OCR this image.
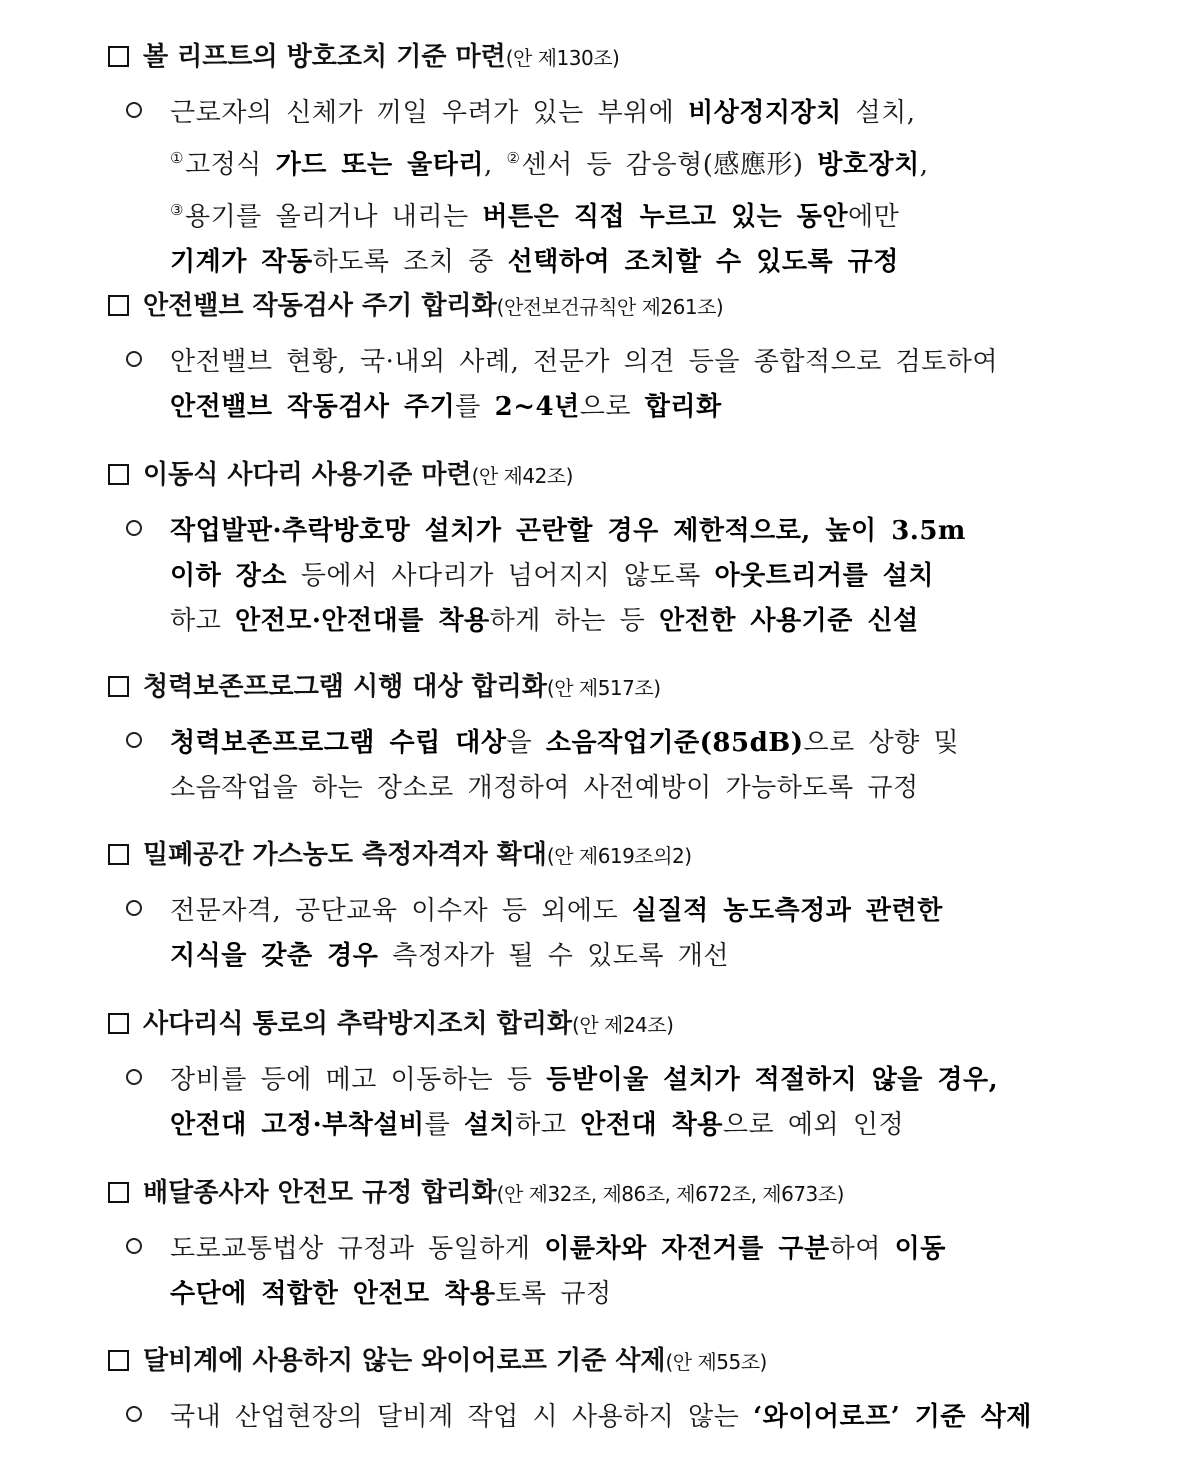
볼 리프트의 방호조치 기준 마련(안 제130조)
근로자의 신체가 끼일 우려가 있는 부위에 비상정지장치 설치,
①고정식 가드 또는 울타리, ②센서 등 감응형(感應形) 방호장치,
③용기를 올리거나 내리는 버튼은 직접 누르고 있는 동안에만
기계가 작동하도록 조치 중 선택하여 조치할 수 있도록 규정
안전밸브 작동검사 주기 합리화(안전보건규칙안 제261조)
안전밸브 현황, 국·내외 사례, 전문가 의견 등을 종합적으로 검토하여
안전밸브 작동검사 주기를 2~4년으로 합리화
이동식 사다리 사용기준 마련(안 제42조)
작업발판·추락방호망 설치가 곤란할 경우 제한적으로, 높이 3.5m
이하 장소 등에서 사다리가 넘어지지 않도록 아웃트리거를 설치
하고 안전모·안전대를 착용하게 하는 등 안전한 사용기준 신설
청력보존프로그램 시행 대상 합리화(안 제517조)
청력보존프로그램 수립 대상을 소음작업기준(85dB)으로 상향 및
소음작업을 하는 장소로 개정하여 사전예방이 가능하도록 규정
밀폐공간 가스농도 측정자격자 확대(안 제619조의2)
전문자격, 공단교육 이수자 등 외에도 실질적 농도측정과 관련한
지식을 갖춘 경우 측정자가 될 수 있도록 개선
사다리식 통로의 추락방지조치 합리화(안 제24조)
장비를 등에 메고 이동하는 등 등받이울 설치가 적절하지 않을 경우,
안전대 고정·부착설비를 설치하고 안전대 착용으로 예외 인정
배달종사자 안전모 규정 합리화(안 제32조, 제86조, 제672조, 제673조)
도로교통법상 규정과 동일하게 이륜차와 자전거를 구분하여 이동
수단에 적합한 안전모 착용토록 규정
달비계에 사용하지 않는 와이어로프 기준 삭제(안 제55조)
국내 산업현장의 달비계 작업 시 사용하지 않는 ‘와이어로프’ 기준 삭제
